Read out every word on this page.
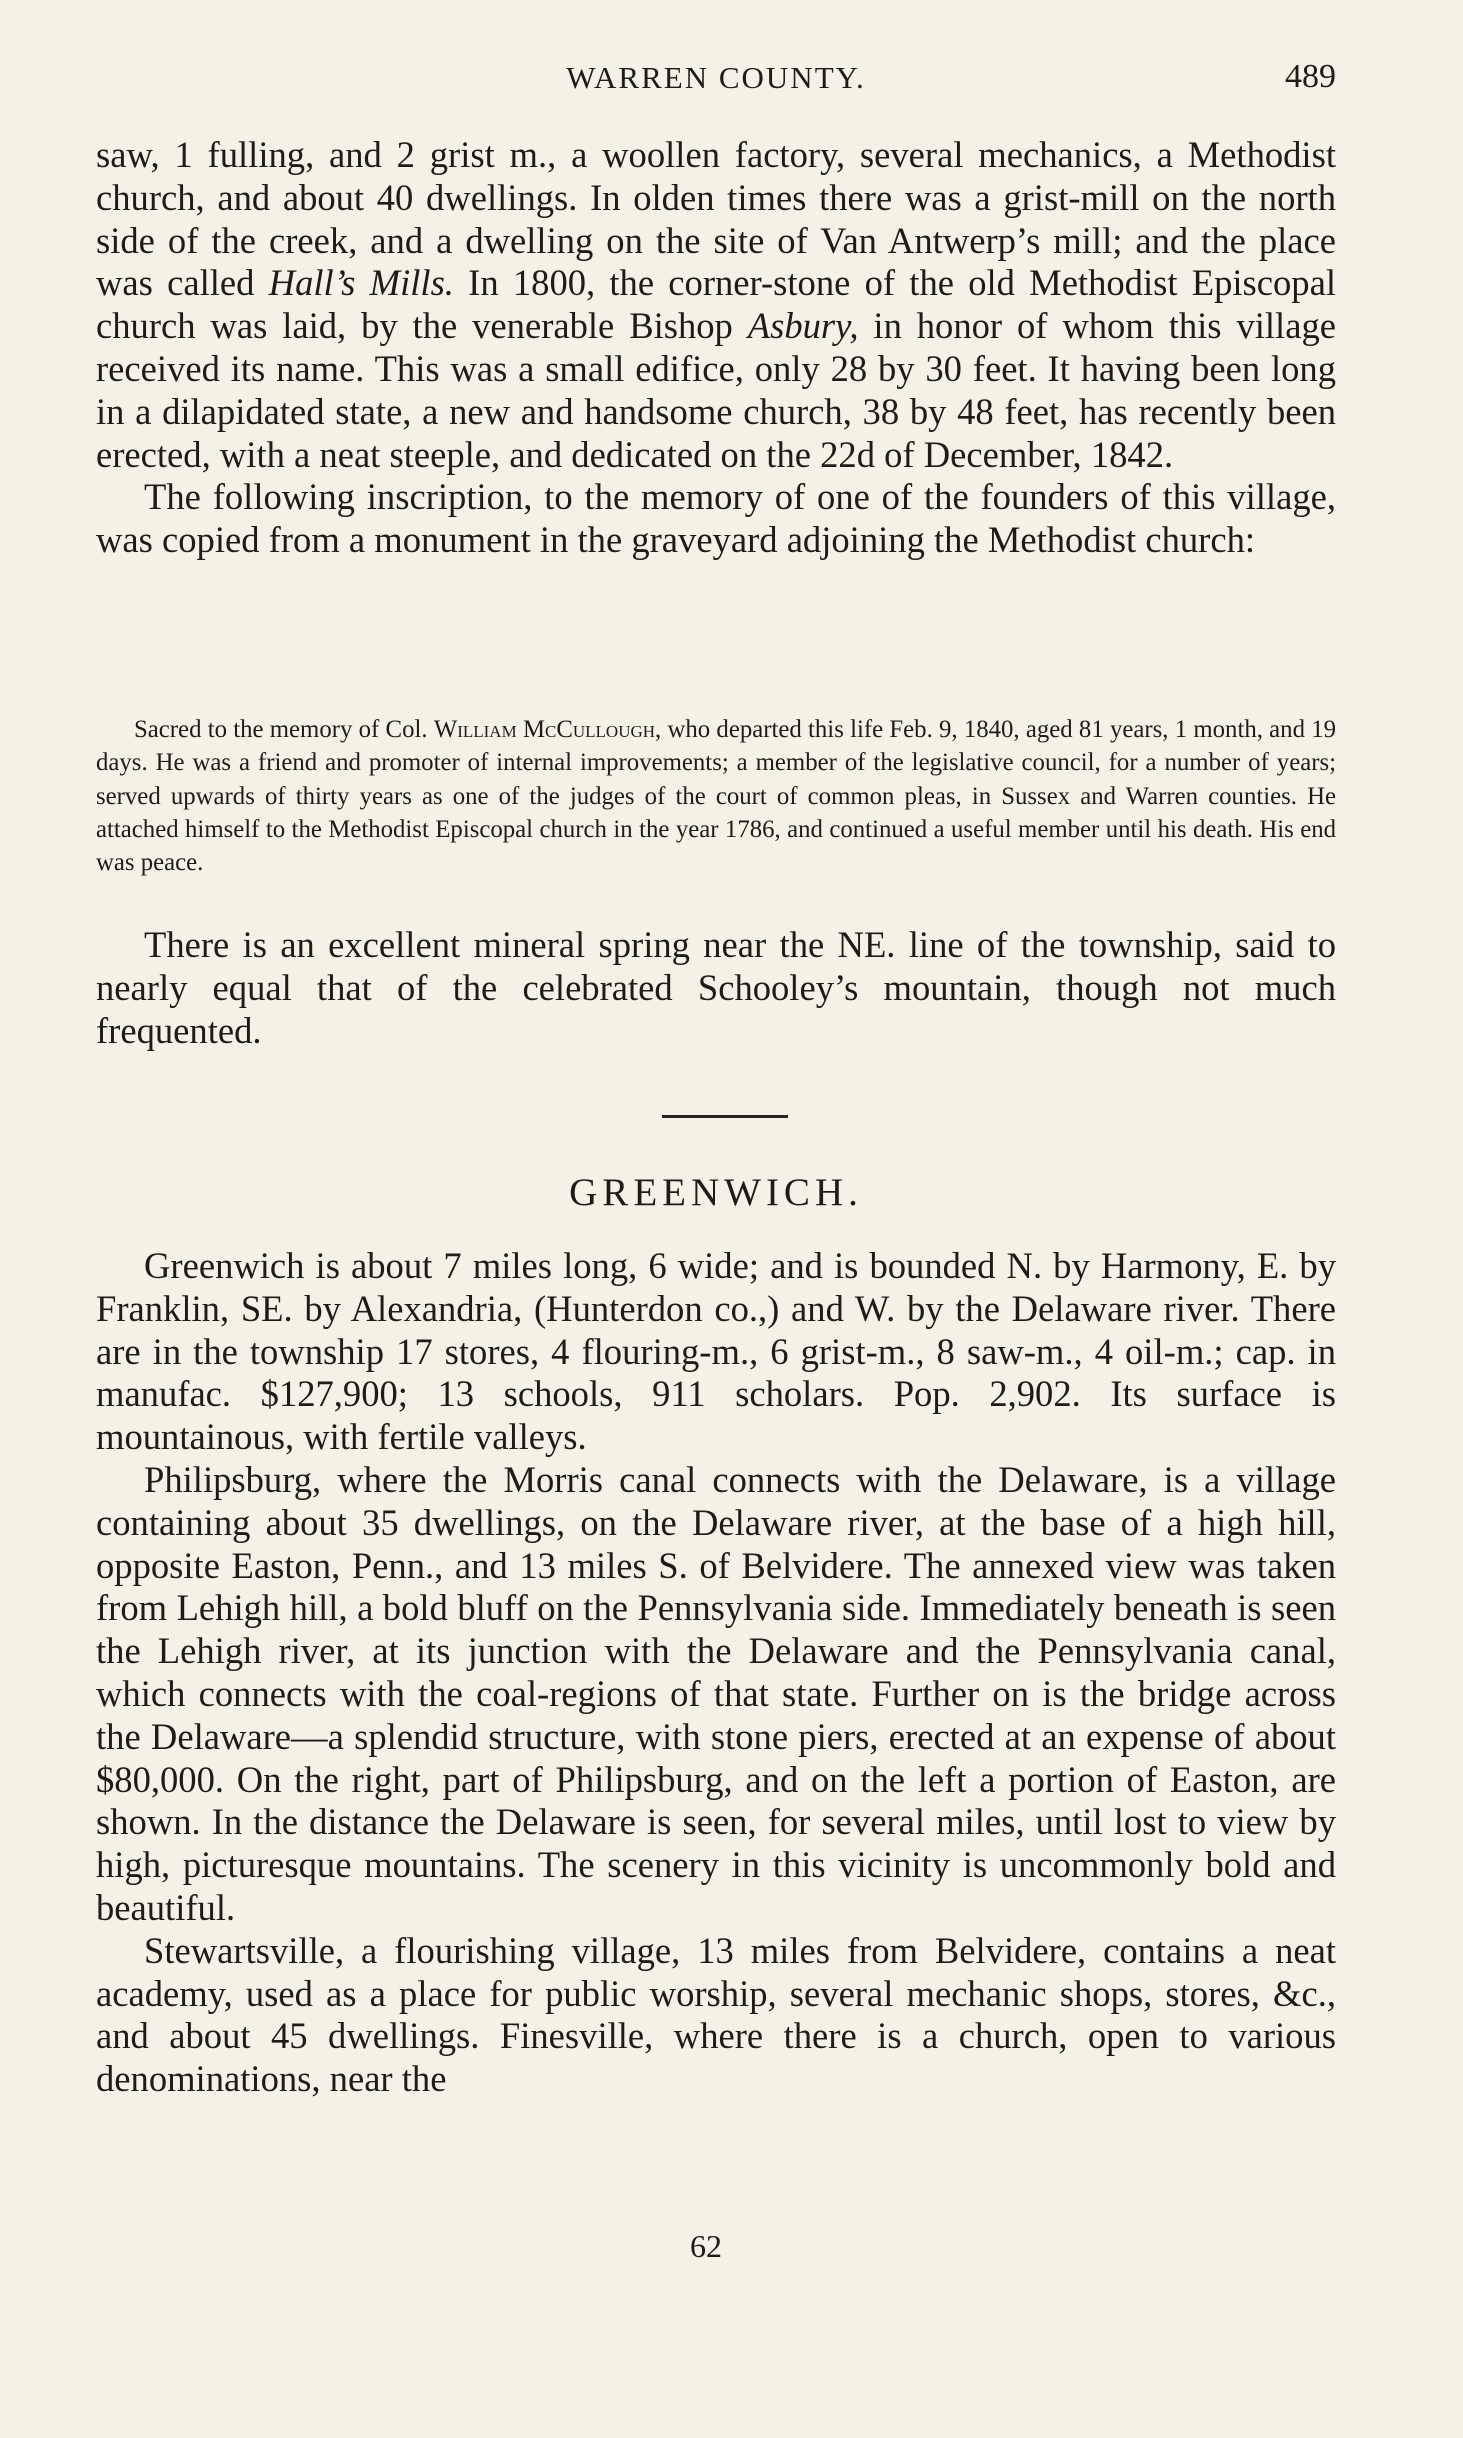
WARREN COUNTY.	489

saw, 1 fulling, and 2 grist m., a woollen factory, several mechanics, a Methodist church, and about 40 dwellings. In olden times there was a grist-mill on the north side of the creek, and a dwelling on the site of Van Antwerp’s mill; and the place was called Hall’s Mills. In 1800, the corner-stone of the old Methodist Episcopal church was laid, by the venerable Bishop Asbury, in honor of whom this village received its name. This was a small edifice, only 28 by 30 feet. It having been long in a dilapidated state, a new and handsome church, 38 by 48 feet, has recently been erected, with a neat steeple, and dedicated on the 22d of December, 1842.

The following inscription, to the memory of one of the founders of this village, was copied from a monument in the graveyard adjoining the Methodist church:

Sacred to the memory of Col. William McCullough, who departed this life Feb. 9, 1840, aged 81 years, 1 month, and 19 days. He was a friend and promoter of internal improvements; a member of the legislative council, for a number of years; served upwards of thirty years as one of the judges of the court of common pleas, in Sussex and Warren counties. He attached himself to the Methodist Episcopal church in the year 1786, and continued a useful member until his death. His end was peace.

There is an excellent mineral spring near the NE. line of the township, said to nearly equal that of the celebrated Schooley’s mountain, though not much frequented.

GREENWICH.

Greenwich is about 7 miles long, 6 wide; and is bounded N. by Harmony, E. by Franklin, SE. by Alexandria, (Hunterdon co.,) and W. by the Delaware river. There are in the township 17 stores, 4 flouring-m., 6 grist-m., 8 saw-m., 4 oil-m.; cap. in manufac. $127,900; 13 schools, 911 scholars. Pop. 2,902. Its surface is mountainous, with fertile valleys.

Philipsburg, where the Morris canal connects with the Delaware, is a village containing about 35 dwellings, on the Delaware river, at the base of a high hill, opposite Easton, Penn., and 13 miles S. of Belvidere. The annexed view was taken from Lehigh hill, a bold bluff on the Pennsylvania side. Immediately beneath is seen the Lehigh river, at its junction with the Delaware and the Pennsylvania canal, which connects with the coal-regions of that state. Further on is the bridge across the Delaware—a splendid structure, with stone piers, erected at an expense of about $80,000. On the right, part of Philipsburg, and on the left a portion of Easton, are shown. In the distance the Delaware is seen, for several miles, until lost to view by high, picturesque mountains. The scenery in this vicinity is uncommonly bold and beautiful.

Stewartsville, a flourishing village, 13 miles from Belvidere, contains a neat academy, used as a place for public worship, several mechanic shops, stores, &c., and about 45 dwellings. Finesville, where there is a church, open to various denominations, near the

62
